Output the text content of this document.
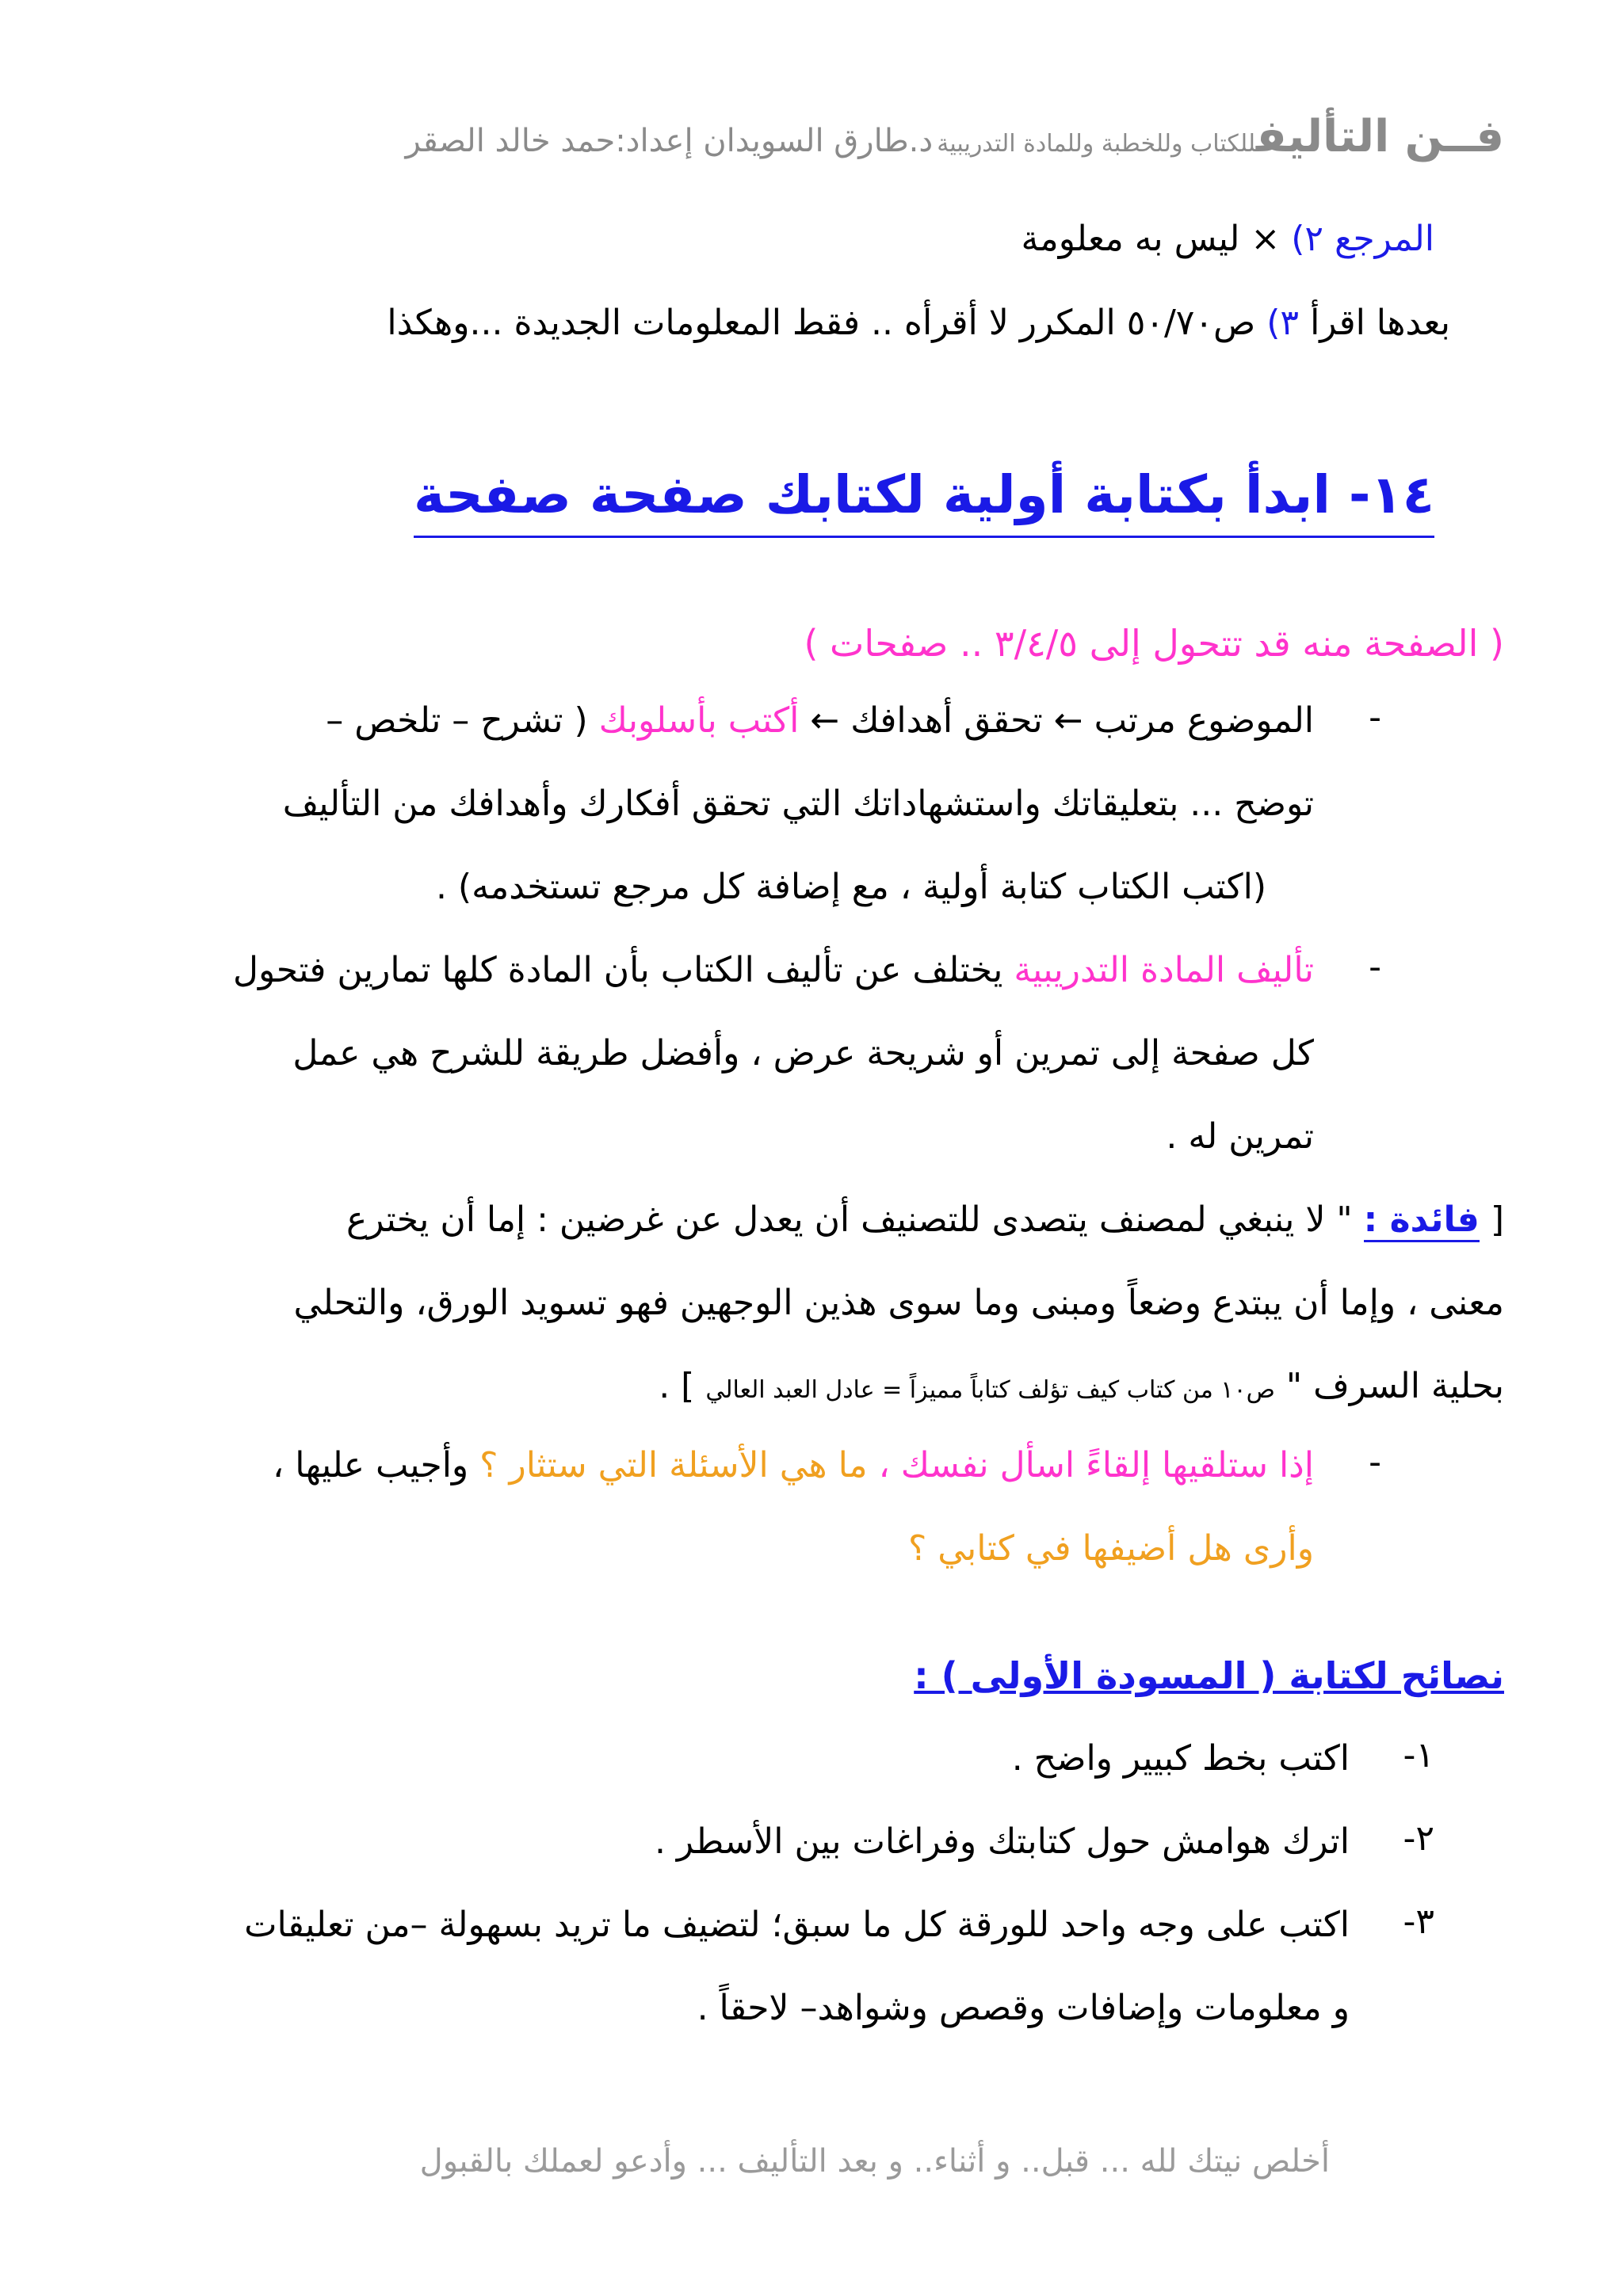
فــن التأليفللكتاب وللخطبة وللمادة التدريبية د.طارق السويدان إعداد:حمد خالد الصقر
المرجع ٢) × ليس به معلومة
بعدها اقرأ ٣) ص٥٠/٧٠ المكرر لا أقرأه .. فقط المعلومات الجديدة ...وهكذا
١٤- ابدأ بكتابة أولية لكتابك صفحة صفحة
( الصفحة منه قد تتحول إلى ٣/٤/٥ .. صفحات )
-
الموضوع مرتب ← تحقق أهدافك ← أكتب بأسلوبك ( تشرح – تلخص –
توضح ... بتعليقاتك واستشهاداتك التي تحقق أفكارك وأهدافك من التأليف
(اكتب الكتاب كتابة أولية ، مع إضافة كل مرجع تستخدمه) .
-
تأليف المادة التدريبية يختلف عن تأليف الكتاب بأن المادة كلها تمارين فتحول
كل صفحة إلى تمرين أو شريحة عرض ، وأفضل طريقة للشرح هي عمل
تمرين له .
[ فائدة : " لا ينبغي لمصنف يتصدى للتصنيف أن يعدل عن غرضين : إما أن يخترع
معنى ، وإما أن يبتدع وضعاً ومبنى وما سوى هذين الوجهين فهو تسويد الورق، والتحلي
بحلية السرف " ص١٠ من كتاب كيف تؤلف كتاباً مميزاً = عادل العبد العالي ] .
-
إذا ستلقيها إلقاءً اسأل نفسك ، ما هي الأسئلة التي ستثار ؟ وأجيب عليها ،
وأرى هل أضيفها في كتابي ؟
نصائح لكتابة ( المسودة الأولى ) :
١-
اكتب بخط كبيير واضح .
٢-
اترك هوامش حول كتابتك وفراغات بين الأسطر .
٣-
اكتب على وجه واحد للورقة كل ما سبق؛ لتضيف ما تريد بسهولة –من تعليقات
و معلومات وإضافات وقصص وشواهد– لاحقاً .
أخلص نيتك لله ... قبل.. و أثناء.. و بعد التأليف ... وأدعو لعملك بالقبول
